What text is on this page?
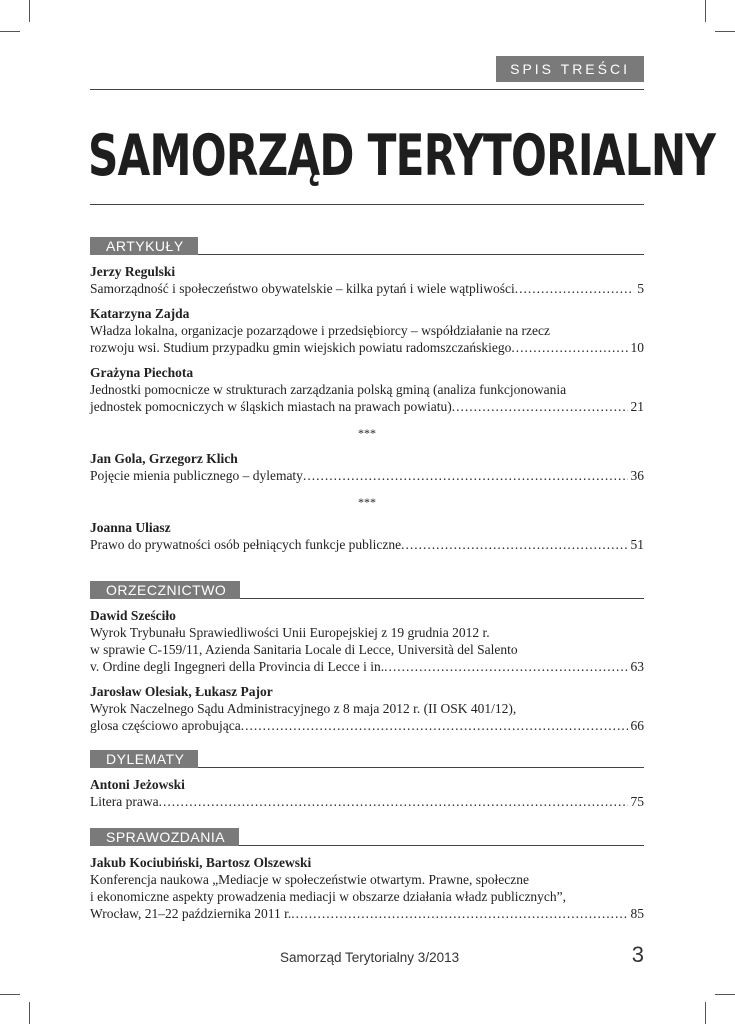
SPIS TREŚCI
SAMORZĄD TERYTORIALNY
ARTYKUŁY
Jerzy Regulski
Samorządność i społeczeństwo obywatelskie – kilka pytań i wiele wątpliwości .....	5
Katarzyna Zajda
Władza lokalna, organizacje pozarządowe i przedsiębiorcy – współdziałanie na rzecz
rozwoju wsi. Studium przypadku gmin wiejskich powiatu radomszczańskiego .....	10
Grażyna Piechota
Jednostki pomocnicze w strukturach zarządzania polską gminą (analiza funkcjonowania
jednostek pomocniczych w śląskich miastach na prawach powiatu) .....	21
***
Jan Gola, Grzegorz Klich
Pojęcie mienia publicznego – dylematy .....	36
***
Joanna Uliasz
Prawo do prywatności osób pełniących funkcje publiczne .....	51
ORZECZNICTWO
Dawid Sześciło
Wyrok Trybunału Sprawiedliwości Unii Europejskiej z 19 grudnia 2012 r.
w sprawie C-159/11, Azienda Sanitaria Locale di Lecce, Università del Salento
v. Ordine degli Ingegneri della Provincia di Lecce i in. .....	63
Jarosław Olesiak, Łukasz Pajor
Wyrok Naczelnego Sądu Administracyjnego z 8 maja 2012 r. (II OSK 401/12),
glosa częściowo aprobująca .....	66
DYLEMATY
Antoni Jeżowski
Litera prawa .....	75
SPRAWOZDANIA
Jakub Kociubiński, Bartosz Olszewski
Konferencja naukowa „Mediacje w społeczeństwie otwartym. Prawne, społeczne
i ekonomiczne aspekty prowadzenia mediacji w obszarze działania władz publicznych”,
Wrocław, 21–22 października 2011 r. .....	85
Samorząd Terytorialny 3/2013	3
